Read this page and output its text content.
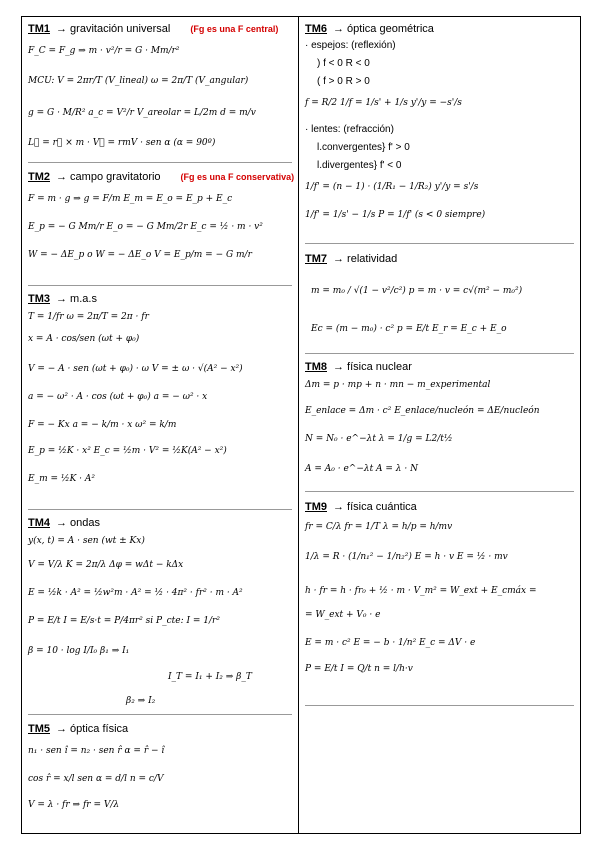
TM1 → gravitación universal (Fg es una F central)
F_C = F_g ⇒ m · v²/r = G · Mm/r²
MCU: V = 2πr/T (V_lineal) ω = 2π/T (V_angular)
g = G · M/R² a_c = V²/r V_areolar = L/2m d = m/v
L⃗ = r⃗ × m · V⃗ = rmV · sen α (α = 90º)
TM2 → campo gravitatorio (Fg es una F conservativa)
F = m · g ⇒ g = F/m E_m = E_o = E_p + E_c
E_p = − G Mm/r E_o = − G Mm/2r E_c = ½ · m · v²
W = − ΔE_p o W = − ΔE_o V = E_p/m = − G m/r
TM3 → m.a.s
T = 1/fr ω = 2π/T = 2π · fr
x = A · cos/sen (ωt + φ₀)
V = − A · sen (ωt + φ₀) · ω V = ± ω · √(A² − x²)
a = − ω² · A · cos (ωt + φ₀) a = − ω² · x
F = − Kx a = − k/m · x ω² = k/m
E_p = ½K · x² E_c = ½m · V² = ½K(A² − x²)
E_m = ½K · A²
TM4 → ondas
y(x, t) = A · sen (wt ± Kx)
V = V/λ K = 2π/λ Δφ = wΔt − kΔx
E = ½k · A² = ½w²m · A² = ½ · 4π² · fr² · m · A²
P = E/t I = E/s·t = P/4πr² si P_cte: I = 1/r²
β = 10 · log I/I₀ β₁ ⇒ I₁
I_T = I₁ + I₂ ⇒ β_T
β₂ ⇒ I₂
TM5 → óptica física
n₁ · sen î = n₂ · sen r̂ α = r̂ − î
cos r̂ = x/l sen α = d/l n = c/V
V = λ · fr ⇒ fr = V/λ
TM6 → óptica geométrica
· espejos: (reflexión)
) f < 0 R < 0
( f > 0 R > 0
f = R/2 1/f = 1/s' + 1/s y'/y = −s'/s
· lentes: (refracción)
l.convergentes} f' > 0
l.divergentes} f' < 0
1/f' = (n − 1) · (1/R₁ − 1/R₂) y'/y = s'/s
1/f' = 1/s' − 1/s P = 1/f' (s < 0 siempre)
TM7 → relatividad
m = m₀ / √(1 − v²/c²) p = m · v = c√(m² − m₀²)
Ec = (m − m₀) · c² p = E/t E_r = E_c + E_o
TM8 → física nuclear
Δm = p · mp + n · mn − m_experimental
E_enlace = Δm · c² E_enlace/nucleón = ΔE/nucleón
N = N₀ · e^−λt λ = 1/g = L2/t½
A = A₀ · e^−λt A = λ · N
TM9 → física cuántica
fr = C/λ fr = 1/T λ = h/p = h/mv
1/λ = R · (1/n₁² − 1/n₂²) E = h · v E = ½ · mv
h · fr = h · fr₀ + ½ · m · V_m² = W_ext + E_cmáx =
= W_ext + V₀ · e
E = m · c² E = − b · 1/n² E_c = ΔV · e
P = E/t I = Q/t n = l/h·v
